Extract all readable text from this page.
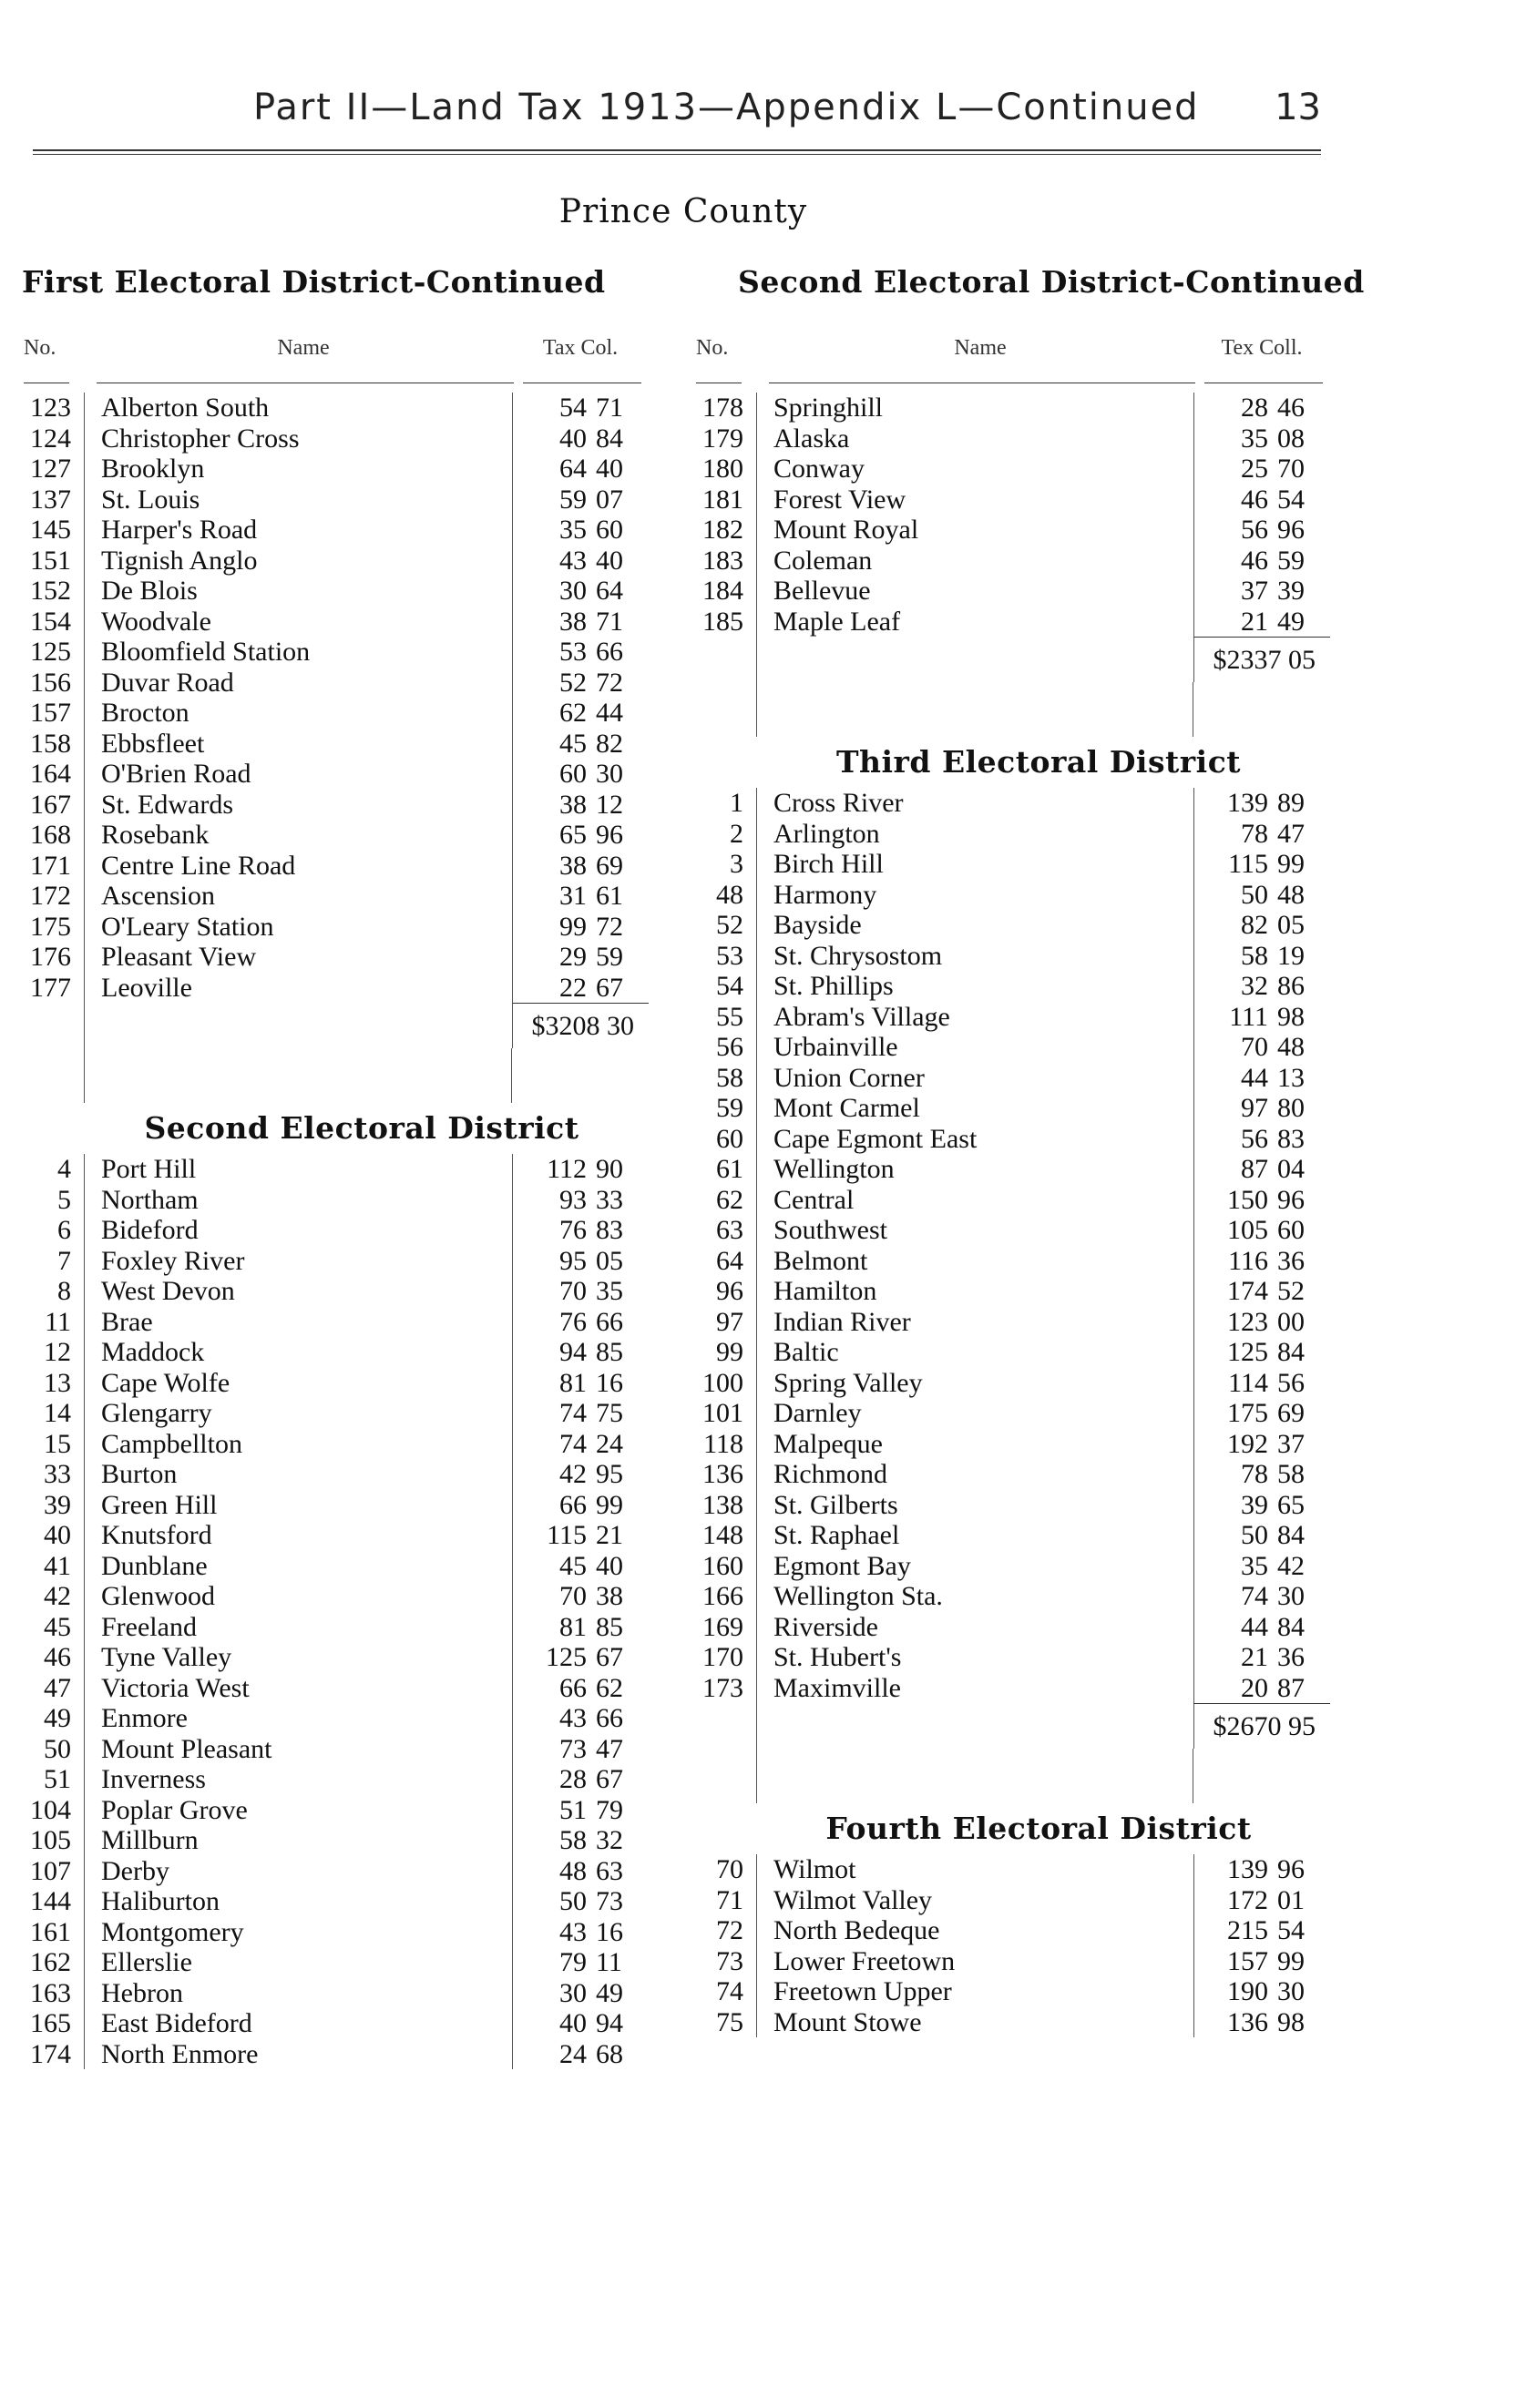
Part II—Land Tax 1913—Appendix L—Continued 13
Prince County
First Electoral District-Continued
No.	Name	Tax Col.
123	Alberton South	54 71
124	Christopher Cross	40 84
127	Brooklyn	64 40
137	St. Louis	59 07
145	Harper's Road	35 60
151	Tignish Anglo	43 40
152	De Blois	30 64
154	Woodvale	38 71
125	Bloomfield Station	53 66
156	Duvar Road	52 72
157	Brocton	62 44
158	Ebbsfleet	45 82
164	O'Brien Road	60 30
167	St. Edwards	38 12
168	Rosebank	65 96
171	Centre Line Road	38 69
172	Ascension	31 61
175	O'Leary Station	99 72
176	Pleasant View	29 59
177	Leoville	22 67
$3208 30
Second Electoral District
4	Port Hill	112 90
5	Northam	93 33
6	Bideford	76 83
7	Foxley River	95 05
8	West Devon	70 35
11	Brae	76 66
12	Maddock	94 85
13	Cape Wolfe	81 16
14	Glengarry	74 75
15	Campbellton	74 24
33	Burton	42 95
39	Green Hill	66 99
40	Knutsford	115 21
41	Dunblane	45 40
42	Glenwood	70 38
45	Freeland	81 85
46	Tyne Valley	125 67
47	Victoria West	66 62
49	Enmore	43 66
50	Mount Pleasant	73 47
51	Inverness	28 67
104	Poplar Grove	51 79
105	Millburn	58 32
107	Derby	48 63
144	Haliburton	50 73
161	Montgomery	43 16
162	Ellerslie	79 11
163	Hebron	30 49
165	East Bideford	40 94
174	North Enmore	24 68
Second Electoral District-Continued
No.	Name	Tex Coll.
178	Springhill	28 46
179	Alaska	35 08
180	Conway	25 70
181	Forest View	46 54
182	Mount Royal	56 96
183	Coleman	46 59
184	Bellevue	37 39
185	Maple Leaf	21 49
$2337 05
Third Electoral District
1	Cross River	139 89
2	Arlington	78 47
3	Birch Hill	115 99
48	Harmony	50 48
52	Bayside	82 05
53	St. Chrysostom	58 19
54	St. Phillips	32 86
55	Abram's Village	111 98
56	Urbainville	70 48
58	Union Corner	44 13
59	Mont Carmel	97 80
60	Cape Egmont East	56 83
61	Wellington	87 04
62	Central	150 96
63	Southwest	105 60
64	Belmont	116 36
96	Hamilton	174 52
97	Indian River	123 00
99	Baltic	125 84
100	Spring Valley	114 56
101	Darnley	175 69
118	Malpeque	192 37
136	Richmond	78 58
138	St. Gilberts	39 65
148	St. Raphael	50 84
160	Egmont Bay	35 42
166	Wellington Sta.	74 30
169	Riverside	44 84
170	St. Hubert's	21 36
173	Maximville	20 87
$2670 95
Fourth Electoral District
70	Wilmot	139 96
71	Wilmot Valley	172 01
72	North Bedeque	215 54
73	Lower Freetown	157 99
74	Freetown Upper	190 30
75	Mount Stowe	136 98
